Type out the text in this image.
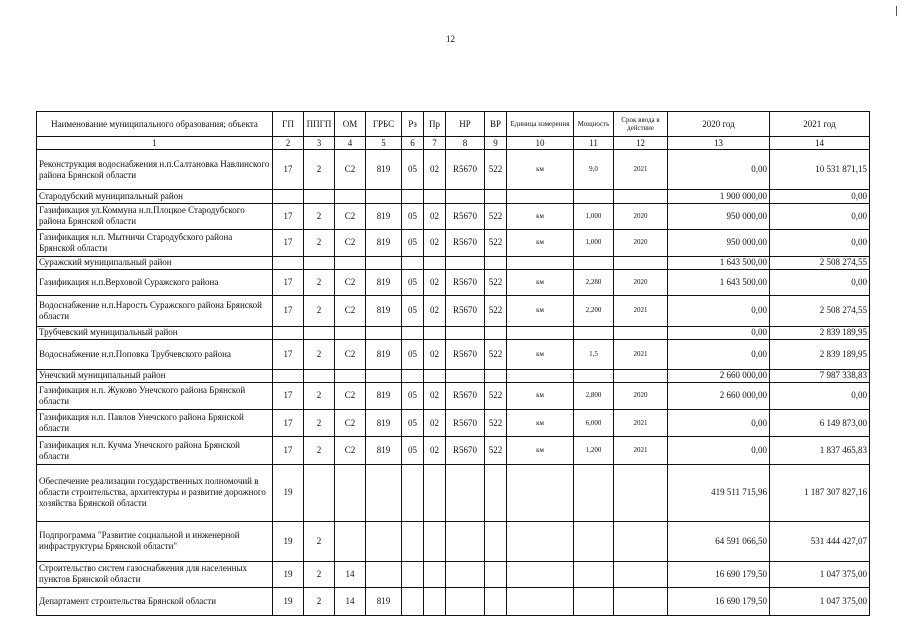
12
Наименование муниципального образования; объекта	ГП	ППГП	ОМ	ГРБС	Рз	Пр	НР	ВР	Единица измерения	Мощность	Срок ввода в действие	2020 год	2021 год
1	2	3	4	5	6	7	8	9	10	11	12	13	14
Реконструкция водоснабжения н.п.Салтановка Навлинского района Брянской области	17	2	С2	819	05	02	R5670	522	км	9,0	2021	0,00	10 531 871,15
Стародубский муниципальный район												1 900 000,00	0,00
Газификация ул.Коммуна н.п.Плоцкое Стародубского района Брянской области	17	2	С2	819	05	02	R5670	522	км	1,000	2020	950 000,00	0,00
Газификация н.п. Мытничи Стародубского района Брянской области	17	2	С2	819	05	02	R5670	522	км	1,000	2020	950 000,00	0,00
Суражский муниципальный район												1 643 500,00	2 508 274,55
Газификация н.п.Верховой Суражского района	17	2	С2	819	05	02	R5670	522	км	2,280	2020	1 643 500,00	0,00
Водоснабжение н.п.Нарость Суражского района Брянской области	17	2	С2	819	05	02	R5670	522	км	2,200	2021	0,00	2 508 274,55
Трубчевский муниципальный район												0,00	2 839 189,95
Водоснабжение н.п.Поповка Трубчевского района	17	2	С2	819	05	02	R5670	522	км	1,5	2021	0,00	2 839 189,95
Унечский муниципальный район												2 660 000,00	7 987 338,83
Газификация н.п. Жуково Унечского района Брянской области	17	2	С2	819	05	02	R5670	522	км	2,800	2020	2 660 000,00	0,00
Газификация н.п. Павлов Унечского района Брянской области	17	2	С2	819	05	02	R5670	522	км	6,000	2021	0,00	6 149 873,00
Газификация н.п. Кучма Унечского района Брянской области	17	2	С2	819	05	02	R5670	522	км	1,200	2021	0,00	1 837 465,83
Обеспечение реализации государственных полномочий в области строительства, архитектуры и развитие дорожного хозяйства Брянской области	19											419 511 715,96	1 187 307 827,16
Подпрограмма "Развитие социальной и инженерной инфраструктуры Брянской области"	19	2										64 591 066,50	531 444 427,07
Строительство систем газоснабжения для населенных пунктов Брянской области	19	2	14									16 690 179,50	1 047 375,00
Департамент строительства Брянской области	19	2	14	819								16 690 179,50	1 047 375,00
